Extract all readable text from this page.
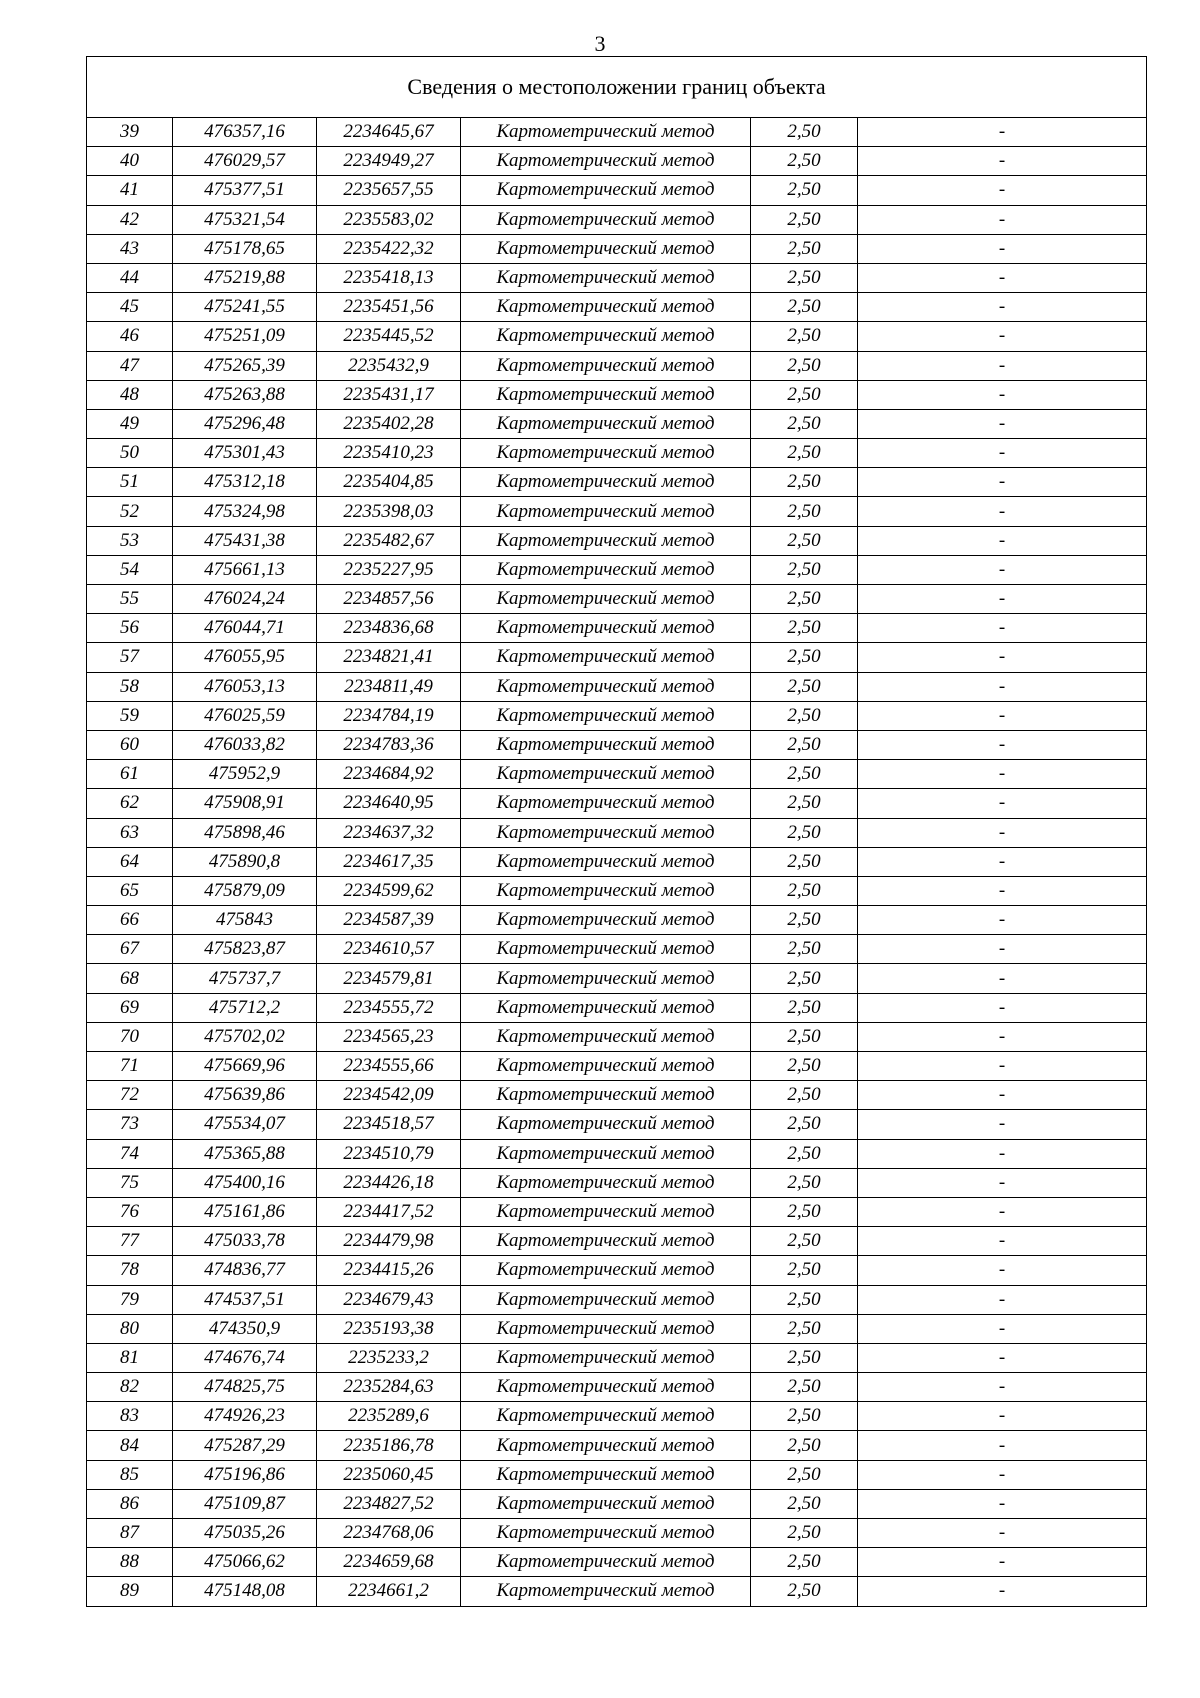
3
Сведения о местоположении границ объекта					
39	476357,16	2234645,67	Картометрический метод	2,50	-
40	476029,57	2234949,27	Картометрический метод	2,50	-
41	475377,51	2235657,55	Картометрический метод	2,50	-
42	475321,54	2235583,02	Картометрический метод	2,50	-
43	475178,65	2235422,32	Картометрический метод	2,50	-
44	475219,88	2235418,13	Картометрический метод	2,50	-
45	475241,55	2235451,56	Картометрический метод	2,50	-
46	475251,09	2235445,52	Картометрический метод	2,50	-
47	475265,39	2235432,9	Картометрический метод	2,50	-
48	475263,88	2235431,17	Картометрический метод	2,50	-
49	475296,48	2235402,28	Картометрический метод	2,50	-
50	475301,43	2235410,23	Картометрический метод	2,50	-
51	475312,18	2235404,85	Картометрический метод	2,50	-
52	475324,98	2235398,03	Картометрический метод	2,50	-
53	475431,38	2235482,67	Картометрический метод	2,50	-
54	475661,13	2235227,95	Картометрический метод	2,50	-
55	476024,24	2234857,56	Картометрический метод	2,50	-
56	476044,71	2234836,68	Картометрический метод	2,50	-
57	476055,95	2234821,41	Картометрический метод	2,50	-
58	476053,13	2234811,49	Картометрический метод	2,50	-
59	476025,59	2234784,19	Картометрический метод	2,50	-
60	476033,82	2234783,36	Картометрический метод	2,50	-
61	475952,9	2234684,92	Картометрический метод	2,50	-
62	475908,91	2234640,95	Картометрический метод	2,50	-
63	475898,46	2234637,32	Картометрический метод	2,50	-
64	475890,8	2234617,35	Картометрический метод	2,50	-
65	475879,09	2234599,62	Картометрический метод	2,50	-
66	475843	2234587,39	Картометрический метод	2,50	-
67	475823,87	2234610,57	Картометрический метод	2,50	-
68	475737,7	2234579,81	Картометрический метод	2,50	-
69	475712,2	2234555,72	Картометрический метод	2,50	-
70	475702,02	2234565,23	Картометрический метод	2,50	-
71	475669,96	2234555,66	Картометрический метод	2,50	-
72	475639,86	2234542,09	Картометрический метод	2,50	-
73	475534,07	2234518,57	Картометрический метод	2,50	-
74	475365,88	2234510,79	Картометрический метод	2,50	-
75	475400,16	2234426,18	Картометрический метод	2,50	-
76	475161,86	2234417,52	Картометрический метод	2,50	-
77	475033,78	2234479,98	Картометрический метод	2,50	-
78	474836,77	2234415,26	Картометрический метод	2,50	-
79	474537,51	2234679,43	Картометрический метод	2,50	-
80	474350,9	2235193,38	Картометрический метод	2,50	-
81	474676,74	2235233,2	Картометрический метод	2,50	-
82	474825,75	2235284,63	Картометрический метод	2,50	-
83	474926,23	2235289,6	Картометрический метод	2,50	-
84	475287,29	2235186,78	Картометрический метод	2,50	-
85	475196,86	2235060,45	Картометрический метод	2,50	-
86	475109,87	2234827,52	Картометрический метод	2,50	-
87	475035,26	2234768,06	Картометрический метод	2,50	-
88	475066,62	2234659,68	Картометрический метод	2,50	-
89	475148,08	2234661,2	Картометрический метод	2,50	-
